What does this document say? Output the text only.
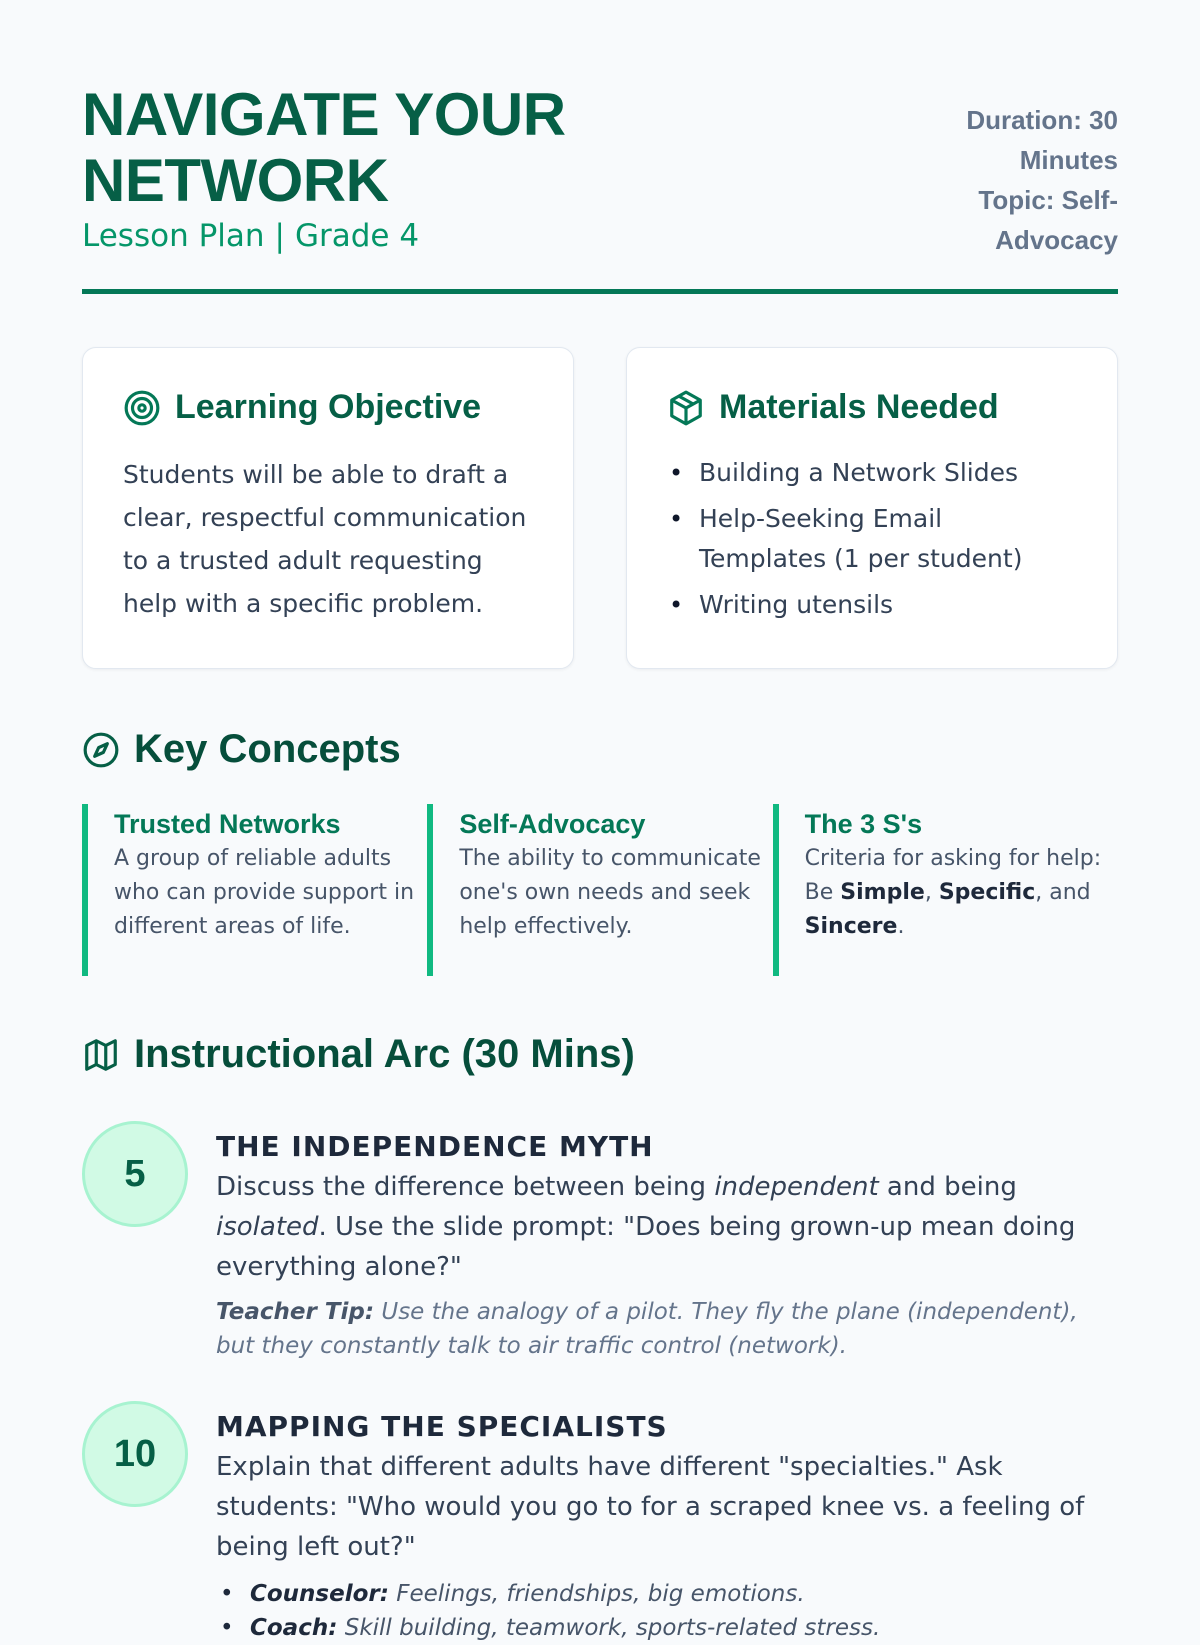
NAVIGATE YOUR NETWORK
Lesson Plan | Grade 4
Duration: 30 Minutes
Topic: Self-Advocacy
Learning Objective

Students will be able to draft a clear, respectful communication to a trusted adult requesting help with a specific problem.

Materials Needed
• Building a Network Slides
• Help-Seeking Email Templates (1 per student)
• Writing utensils
Key Concepts
Trusted Networks

A group of reliable adults who can provide support in different areas of life.

Self-Advocacy

The ability to communicate one's own needs and seek help effectively.

The 3 S's

Criteria for asking for help: Be Simple, Specific, and Sincere.

Instructional Arc (30 Mins)
5
THE INDEPENDENCE MYTH

Discuss the difference between being independent and being isolated. Use the slide prompt: "Does being grown-up mean doing everything alone?"

Teacher Tip: Use the analogy of a pilot. They fly the plane (independent), but they constantly talk to air traffic control (network).

10
MAPPING THE SPECIALISTS

Explain that different adults have different "specialties." Ask students: "Who would you go to for a scraped knee vs. a feeling of being left out?"

• Counselor: Feelings, friendships, big emotions.
• Coach: Skill building, teamwork, sports-related stress.
